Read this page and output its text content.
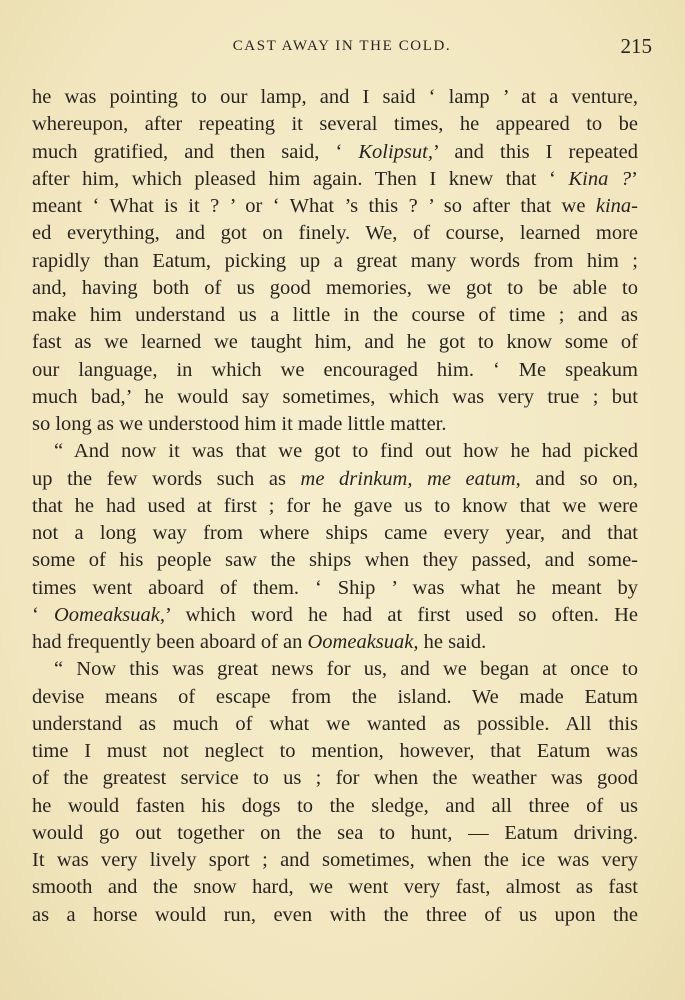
CAST AWAY IN THE COLD.	215
he was pointing to our lamp, and I said ‘ lamp ’ at a venture,
whereupon, after repeating it several times, he appeared to be
much gratified, and then said, ‘ Kolipsut,’ and this I repeated
after him, which pleased him again. Then I knew that ‘ Kina ?’
meant ‘ What is it ? ’ or ‘ What ’s this ? ’ so after that we kina-
ed everything, and got on finely. We, of course, learned more
rapidly than Eatum, picking up a great many words from him ;
and, having both of us good memories, we got to be able to
make him understand us a little in the course of time ; and as
fast as we learned we taught him, and he got to know some of
our language, in which we encouraged him. ‘ Me speakum
much bad,’ he would say sometimes, which was very true ; but
so long as we understood him it made little matter.
“ And now it was that we got to find out how he had picked
up the few words such as me drinkum, me eatum, and so on,
that he had used at first ; for he gave us to know that we were
not a long way from where ships came every year, and that
some of his people saw the ships when they passed, and some-
times went aboard of them. ‘ Ship ’ was what he meant by
‘ Oomeaksuak,’ which word he had at first used so often. He
had frequently been aboard of an Oomeaksuak, he said.
“ Now this was great news for us, and we began at once to
devise means of escape from the island. We made Eatum
understand as much of what we wanted as possible. All this
time I must not neglect to mention, however, that Eatum was
of the greatest service to us ; for when the weather was good
he would fasten his dogs to the sledge, and all three of us
would go out together on the sea to hunt, — Eatum driving.
It was very lively sport ; and sometimes, when the ice was very
smooth and the snow hard, we went very fast, almost as fast
as a horse would run, even with the three of us upon the
